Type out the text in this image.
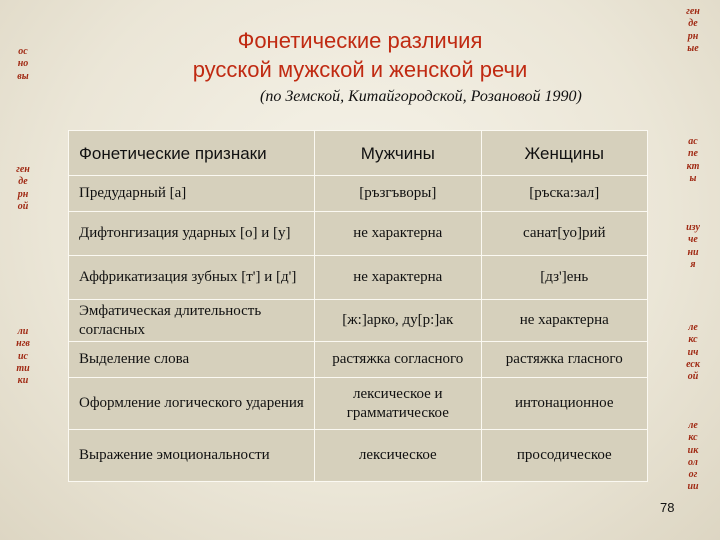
Фонетические различия
русской мужской и женской речи
(по Земской, Китайгородской, Розановой 1990)
основы
гендерной
лингвистики
гендерные
аспекты
изучения
лексической
лексикологии
Фонетические признаки	Мужчины	Женщины
Предударный [а]	[ръзгъворы]	[ръска:зал]
Дифтонгизация ударных [о] и [у]	не характерна	санат[уо]рий
Аффрикатизация зубных [т'] и [д']	не характерна	[дз']ень
Эмфатическая длительность согласных	[ж:]арко, ду[р:]ак	не характерна
Выделение слова	растяжка согласного	растяжка гласного
Оформление логического ударения	лексическое и грамматическое	интонационное
Выражение эмоциональности	лексическое	просодическое
78
